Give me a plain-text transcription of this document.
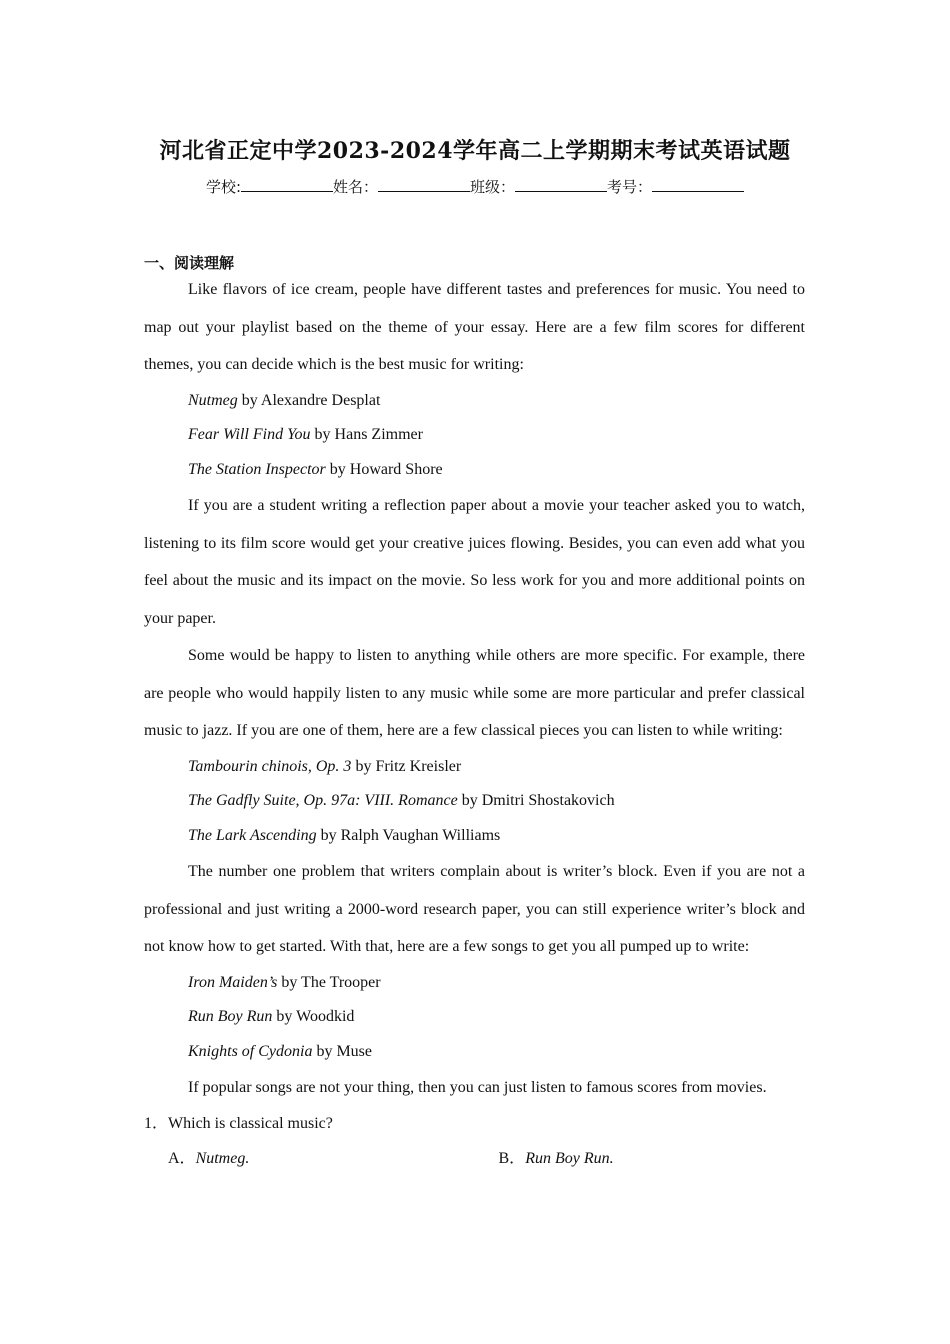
河北省正定中学2023-2024学年高二上学期期末考试英语试题
学校:	姓名：	班级：	考号：

一、阅读理解

Like flavors of ice cream, people have different tastes and preferences for music. You need to map out your playlist based on the theme of your essay. Here are a few film scores for different themes, you can decide which is the best music for writing:

Nutmeg by Alexandre Desplat

Fear Will Find You by Hans Zimmer

The Station Inspector by Howard Shore

If you are a student writing a reflection paper about a movie your teacher asked you to watch, listening to its film score would get your creative juices flowing. Besides, you can even add what you feel about the music and its impact on the movie. So less work for you and more additional points on your paper.

Some would be happy to listen to anything while others are more specific. For example, there are people who would happily listen to any music while some are more particular and prefer classical music to jazz. If you are one of them, here are a few classical pieces you can listen to while writing:

Tambourin chinois, Op. 3 by Fritz Kreisler

The Gadfly Suite, Op. 97a: VIII. Romance by Dmitri Shostakovich

The Lark Ascending by Ralph Vaughan Williams

The number one problem that writers complain about is writer’s block. Even if you are not a professional and just writing a 2000-word research paper, you can still experience writer’s block and not know how to get started. With that, here are a few songs to get you all pumped up to write:

Iron Maiden’s by The Trooper

Run Boy Run by Woodkid

Knights of Cydonia by Muse

If popular songs are not your thing, then you can just listen to famous scores from movies.

1．Which is classical music?

A．Nutmeg.	B．Run Boy Run.
